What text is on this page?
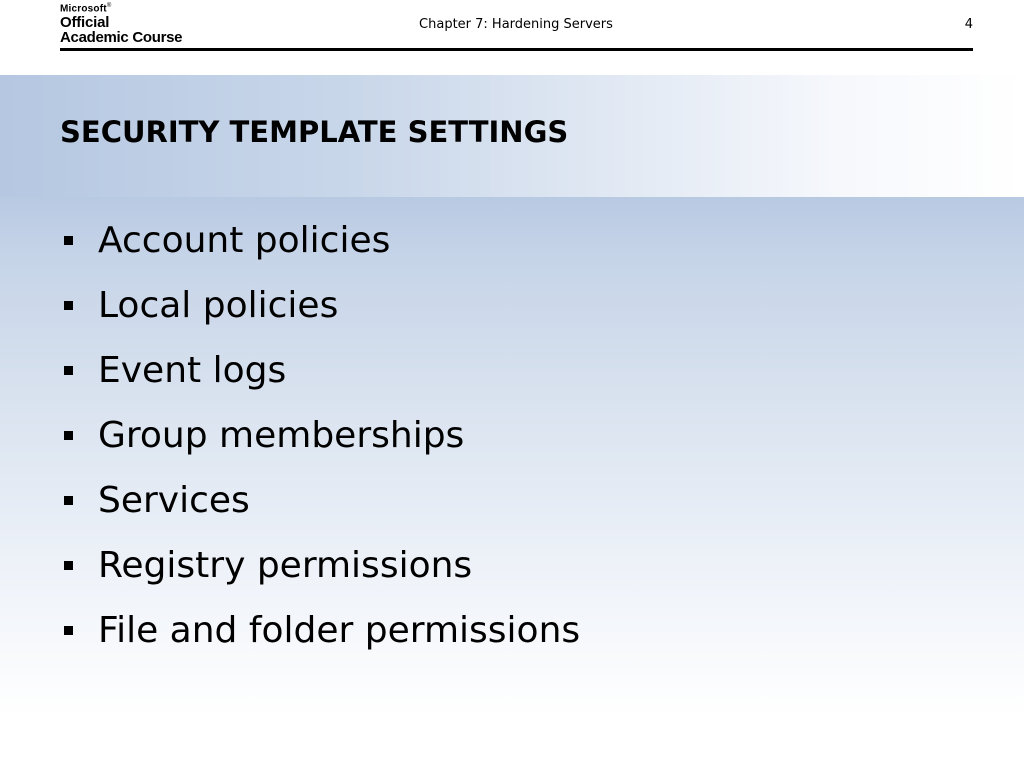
Microsoft®
Official
Academic Course
Chapter 7: Hardening Servers	4
SECURITY TEMPLATE SETTINGS
Account policies
Local policies
Event logs
Group memberships
Services
Registry permissions
File and folder permissions
